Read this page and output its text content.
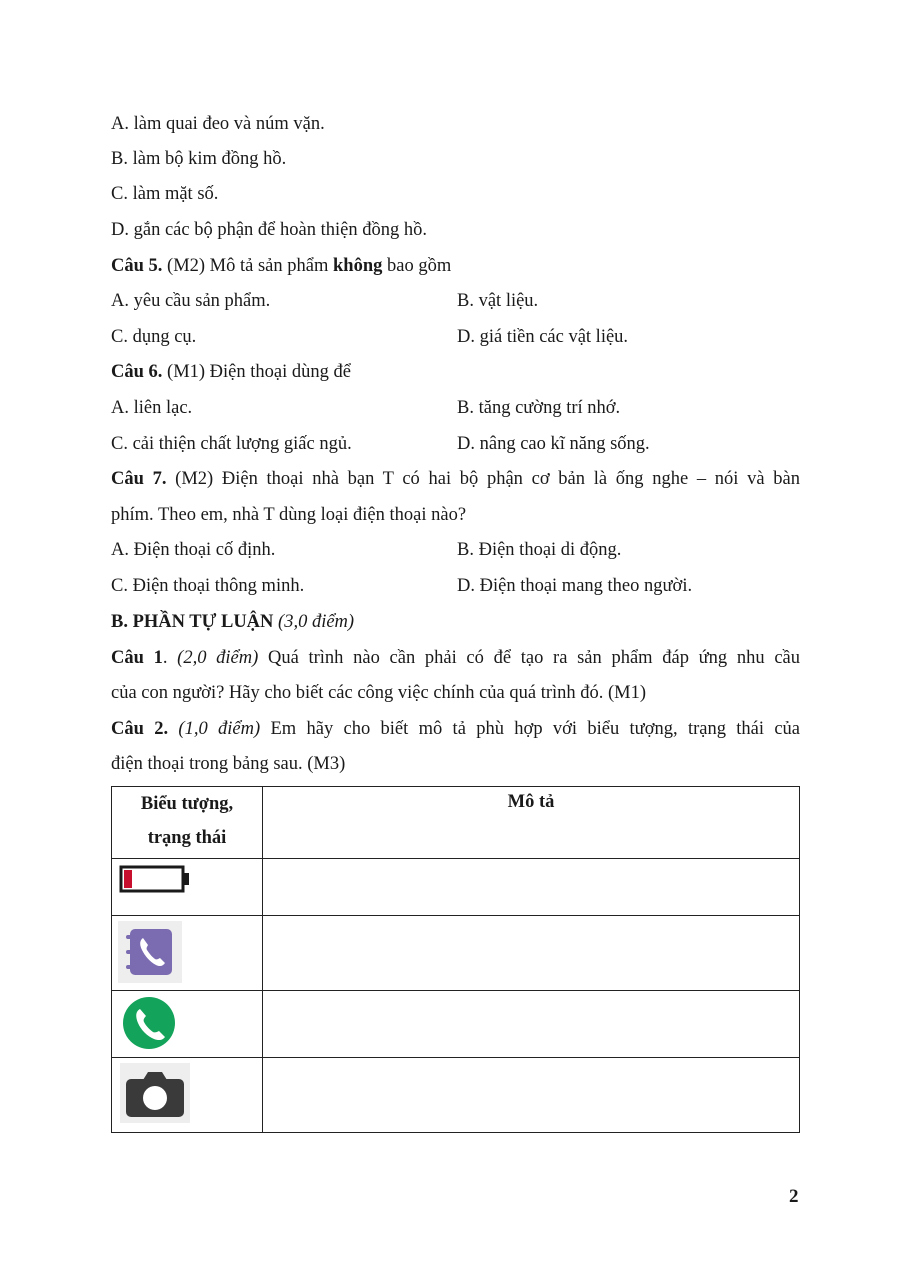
A. làm quai đeo và núm vặn.
B. làm bộ kim đồng hồ.
C. làm mặt số.
D. gắn các bộ phận để hoàn thiện đồng hồ.
Câu 5. (M2) Mô tả sản phẩm không bao gồm
A. yêu cầu sản phẩm.	B. vật liệu.
C. dụng cụ.	D. giá tiền các vật liệu.
Câu 6. (M1) Điện thoại dùng để
A. liên lạc.	B. tăng cường trí nhớ.
C. cải thiện chất lượng giấc ngủ.	D. nâng cao kĩ năng sống.
Câu 7. (M2) Điện thoại nhà bạn T có hai bộ phận cơ bản là ống nghe – nói và bàn
phím. Theo em, nhà T dùng loại điện thoại nào?
A. Điện thoại cố định.	B. Điện thoại di động.
C. Điện thoại thông minh.	D. Điện thoại mang theo người.
B. PHẦN TỰ LUẬN (3,0 điểm)
Câu 1. (2,0 điểm) Quá trình nào cần phải có để tạo ra sản phẩm đáp ứng nhu cầu
của con người? Hãy cho biết các công việc chính của quá trình đó. (M1)
Câu 2. (1,0 điểm) Em hãy cho biết mô tả phù hợp với biểu tượng, trạng thái của
điện thoại trong bảng sau. (M3)
Biểu tượng,
trạng thái	Mô tả

2
